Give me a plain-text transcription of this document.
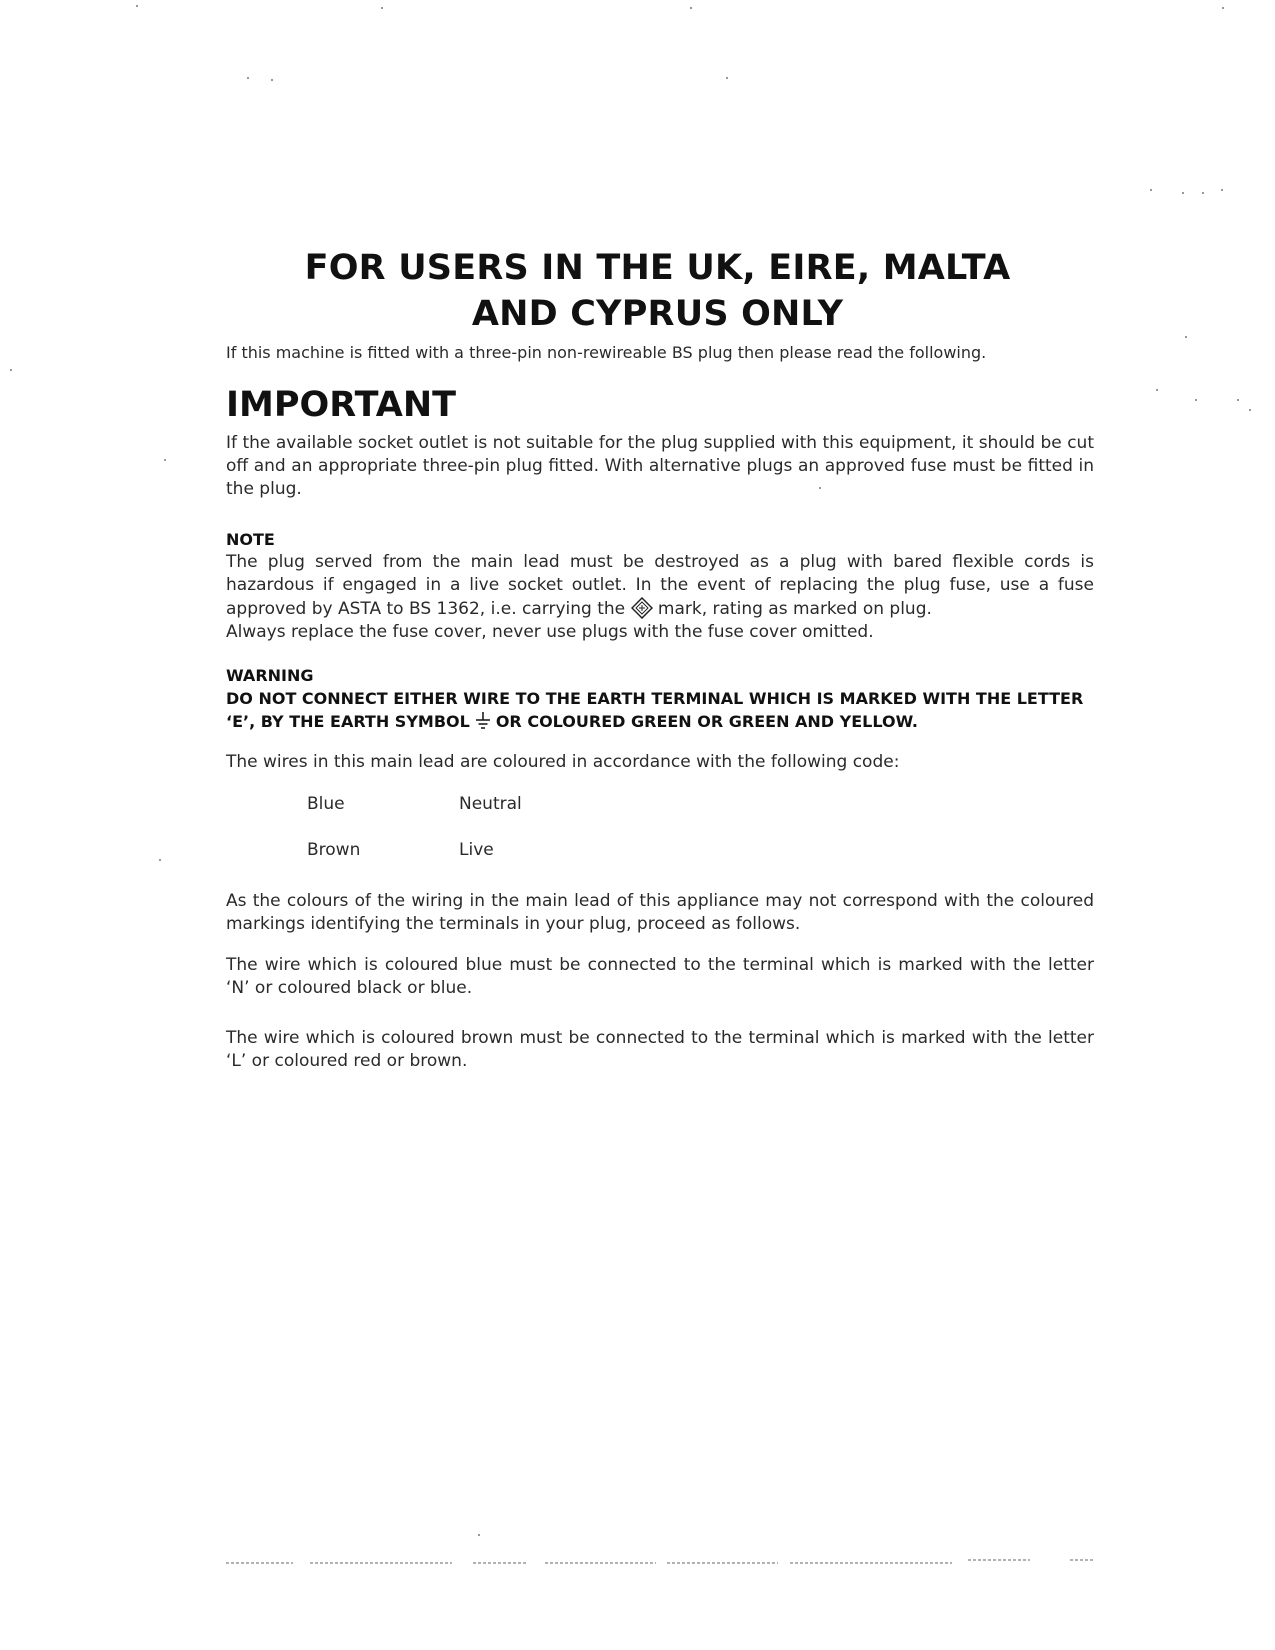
FOR USERS IN THE UK, EIRE, MALTA
AND CYPRUS ONLY

If this machine is fitted with a three-pin non-rewireable BS plug then please read the following.

IMPORTANT

If the available socket outlet is not suitable for the plug supplied with this equipment, it should be cut off and an appropriate three-pin plug fitted. With alternative plugs an approved fuse must be fitted in the plug.

NOTE

The plug served from the main lead must be destroyed as a plug with bared flexible cords is hazardous if engaged in a live socket outlet. In the event of replacing the plug fuse, use a fuse approved by ASTA to BS 1362, i.e. carrying the mark, rating as marked on plug.
Always replace the fuse cover, never use plugs with the fuse cover omitted.

WARNING

DO NOT CONNECT EITHER WIRE TO THE EARTH TERMINAL WHICH IS MARKED WITH THE LETTER ‘E’, BY THE EARTH SYMBOL OR COLOURED GREEN OR GREEN AND YELLOW.

The wires in this main lead are coloured in accordance with the following code:

Blue	Neutral
Brown	Live

As the colours of the wiring in the main lead of this appliance may not correspond with the coloured markings identifying the terminals in your plug, proceed as follows.

The wire which is coloured blue must be connected to the terminal which is marked with the letter ‘N’ or coloured black or blue.

The wire which is coloured brown must be connected to the terminal which is marked with the letter ‘L’ or coloured red or brown.
